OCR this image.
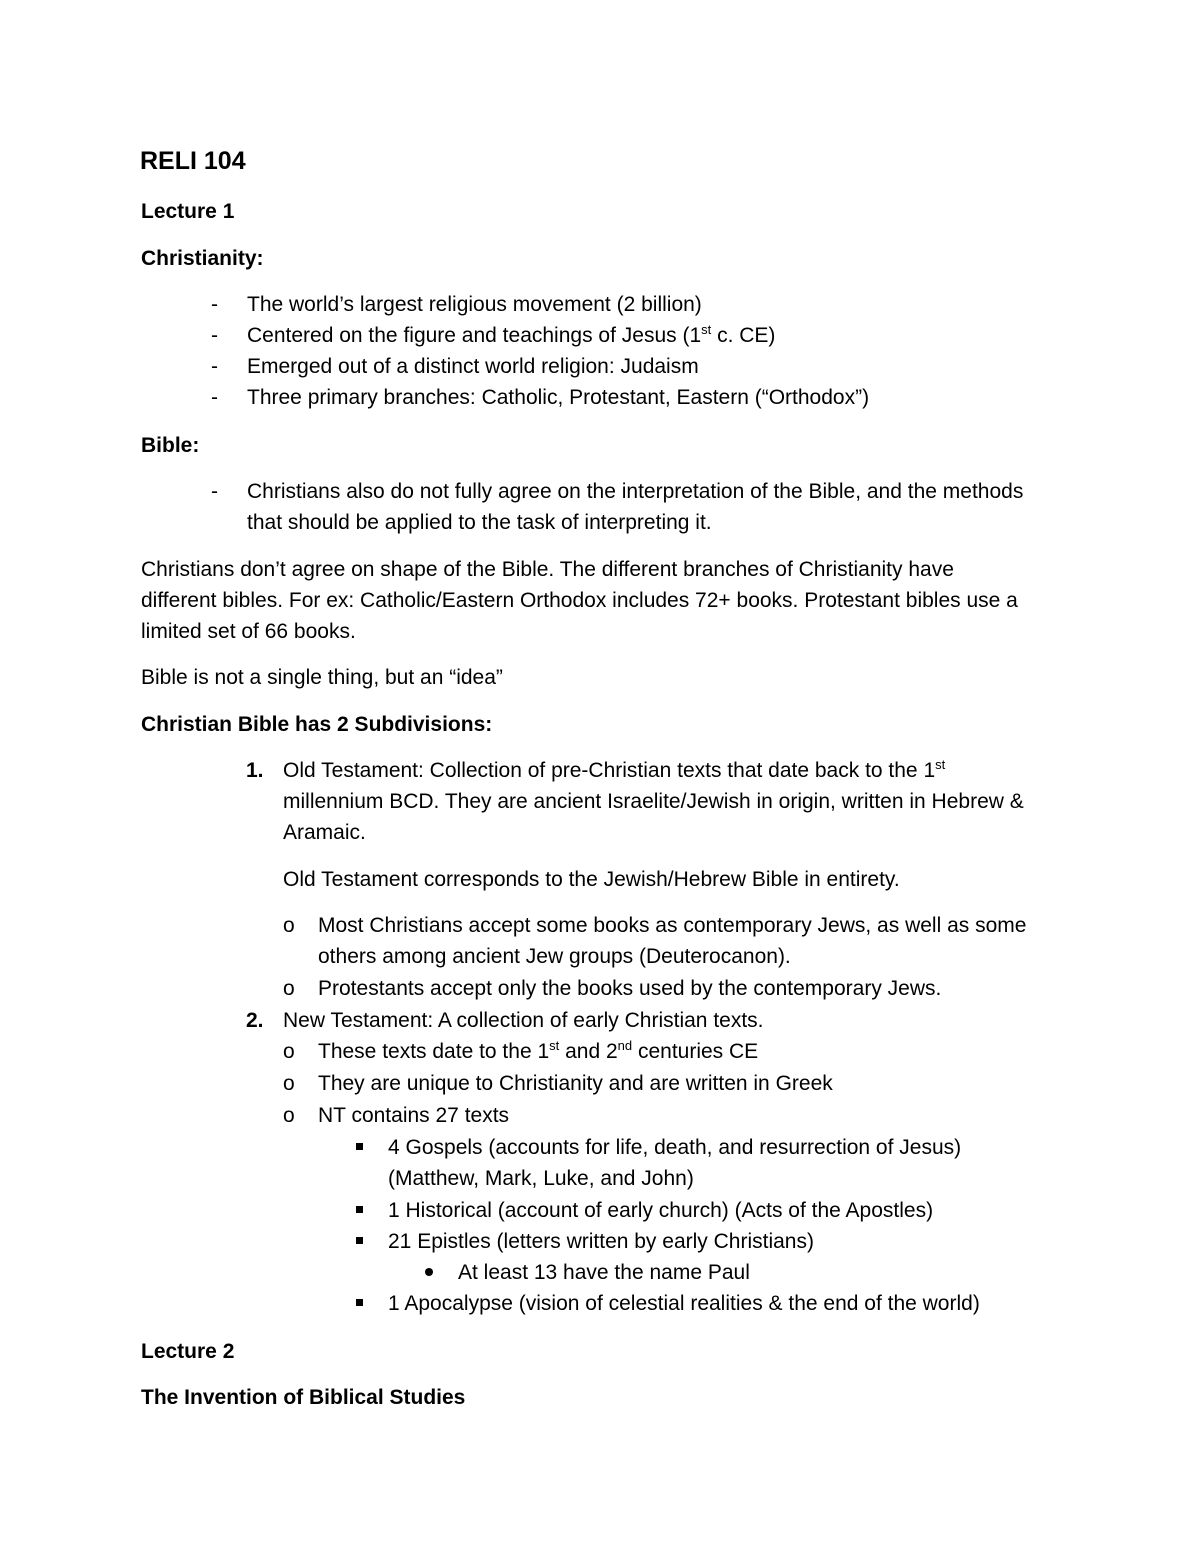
RELI 104
Lecture 1
Christianity:
- The world’s largest religious movement (2 billion)
- Centered on the figure and teachings of Jesus (1st c. CE)
- Emerged out of a distinct world religion: Judaism
- Three primary branches: Catholic, Protestant, Eastern (“Orthodox”)
Bible:
- Christians also do not fully agree on the interpretation of the Bible, and the methods
that should be applied to the task of interpreting it.
Christians don’t agree on shape of the Bible. The different branches of Christianity have
different bibles. For ex: Catholic/Eastern Orthodox includes 72+ books. Protestant bibles use a
limited set of 66 books.
Bible is not a single thing, but an “idea”
Christian Bible has 2 Subdivisions:
1. Old Testament: Collection of pre-Christian texts that date back to the 1st
millennium BCD. They are ancient Israelite/Jewish in origin, written in Hebrew &
Aramaic.
Old Testament corresponds to the Jewish/Hebrew Bible in entirety.
o Most Christians accept some books as contemporary Jews, as well as some
others among ancient Jew groups (Deuterocanon).
o Protestants accept only the books used by the contemporary Jews.
2. New Testament: A collection of early Christian texts.
o These texts date to the 1st and 2nd centuries CE
o They are unique to Christianity and are written in Greek
o NT contains 27 texts
4 Gospels (accounts for life, death, and resurrection of Jesus)
(Matthew, Mark, Luke, and John)
1 Historical (account of early church) (Acts of the Apostles)
21 Epistles (letters written by early Christians)
At least 13 have the name Paul
1 Apocalypse (vision of celestial realities & the end of the world)
Lecture 2
The Invention of Biblical Studies
